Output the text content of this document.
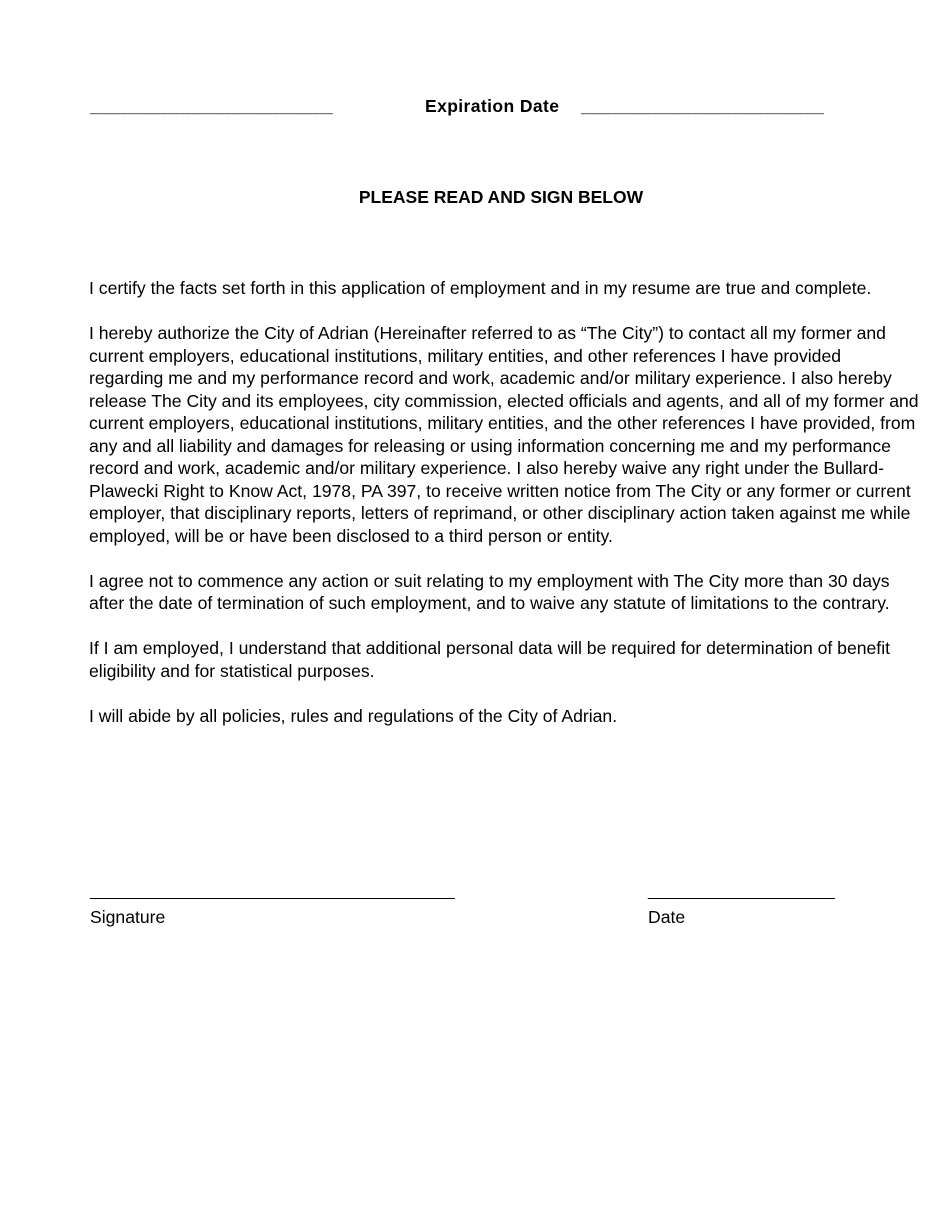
________________________	Expiration Date ________________________
PLEASE READ AND SIGN BELOW

I certify the facts set forth in this application of employment and in my resume are true and complete.

I hereby authorize the City of Adrian (Hereinafter referred to as “The City”) to contact all my former and current employers, educational institutions, military entities, and other references I have provided regarding me and my performance record and work, academic and/or military experience. I also hereby release The City and its employees, city commission, elected officials and agents, and all of my former and current employers, educational institutions, military entities, and the other references I have provided, from any and all liability and damages for releasing or using information concerning me and my performance record and work, academic and/or military experience. I also hereby waive any right under the Bullard-Plawecki Right to Know Act, 1978, PA 397, to receive written notice from The City or any former or current employer, that disciplinary reports, letters of reprimand, or other disciplinary action taken against me while employed, will be or have been disclosed to a third person or entity.

I agree not to commence any action or suit relating to my employment with The City more than 30 days after the date of termination of such employment, and to waive any statute of limitations to the contrary.

If I am employed, I understand that additional personal data will be required for determination of benefit eligibility and for statistical purposes.

I will abide by all policies, rules and regulations of the City of Adrian.

_________________________________________	_____________________
Signature	Date
